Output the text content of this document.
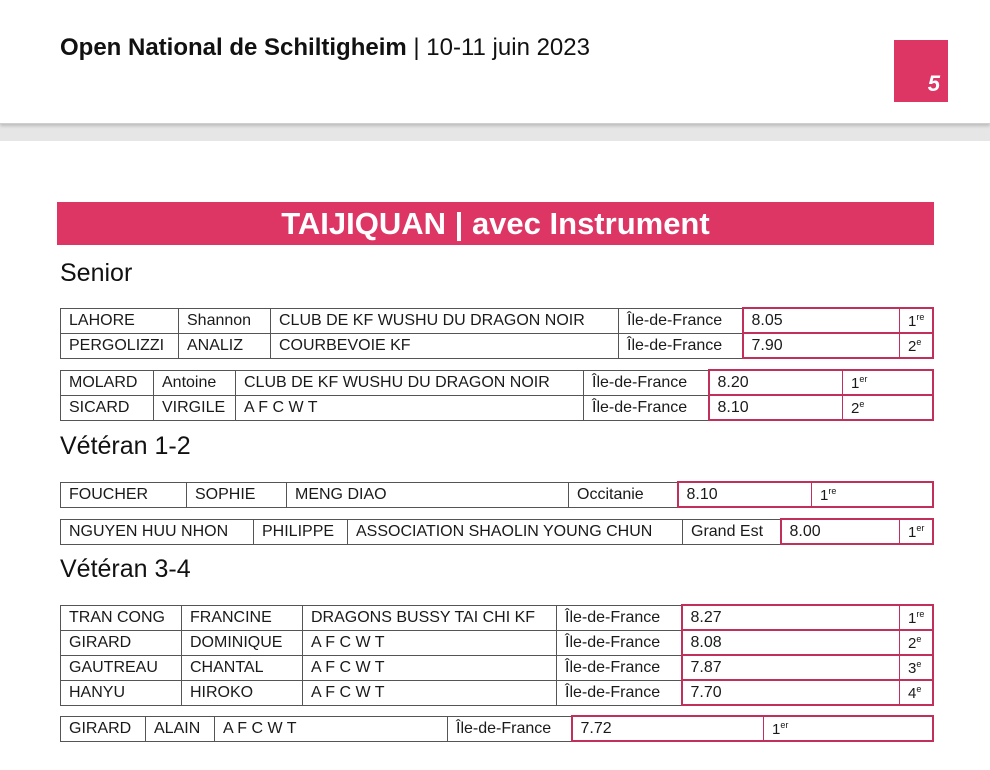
Open National de Schiltigheim | 10-11 juin 2023
5
TAIJIQUAN | avec Instrument
Senior
LAHORE	Shannon	CLUB DE KF WUSHU DU DRAGON NOIR	Île-de-France	8.05	1re
PERGOLIZZI	ANALIZ	COURBEVOIE KF	Île-de-France	7.90	2e
MOLARD	Antoine	CLUB DE KF WUSHU DU DRAGON NOIR	Île-de-France	8.20	1er
SICARD	VIRGILE	A F C W T	Île-de-France	8.10	2e
Vétéran 1-2
FOUCHER	SOPHIE	MENG DIAO	Occitanie	8.10	1re
NGUYEN HUU NHON	PHILIPPE	ASSOCIATION SHAOLIN YOUNG CHUN	Grand Est	8.00	1er
Vétéran 3-4
TRAN CONG	FRANCINE	DRAGONS BUSSY TAI CHI KF	Île-de-France	8.27	1re
GIRARD	DOMINIQUE	A F C W T	Île-de-France	8.08	2e
GAUTREAU	CHANTAL	A F C W T	Île-de-France	7.87	3e
HANYU	HIROKO	A F C W T	Île-de-France	7.70	4e
GIRARD	ALAIN	A F C W T	Île-de-France	7.72	1er
